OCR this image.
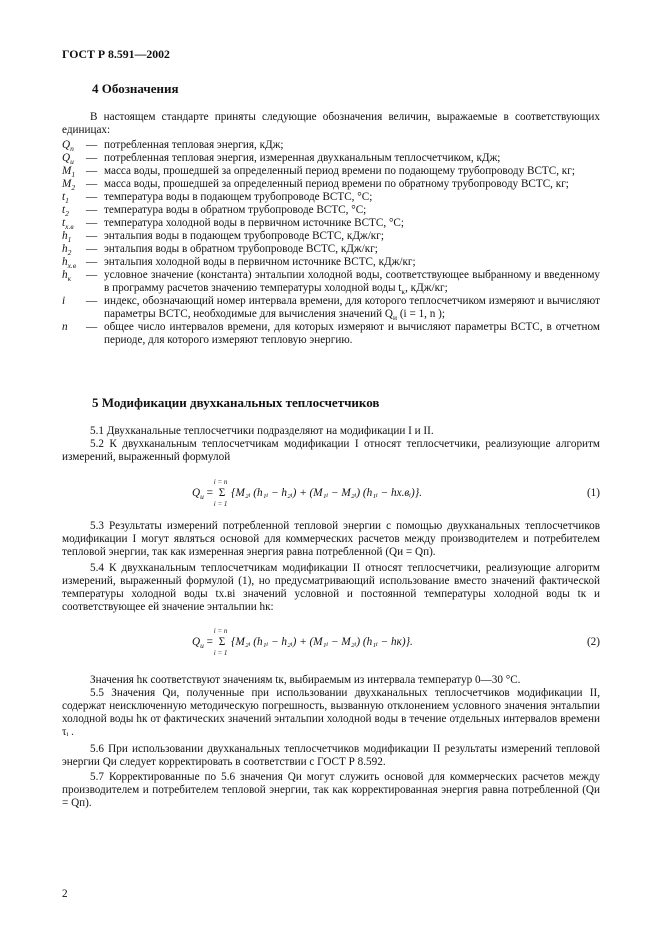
ГОСТ Р 8.591—2002
4 Обозначения

В настоящем стандарте приняты следующие обозначения величин, выражаемые в соответствующих единицах:

$Q_п$	— потребленная тепловая энергия, кДж;
$Q_и$	— потребленная тепловая энергия, измеренная двухканальным теплосчетчиком, кДж;
$M_1$ — масса воды, прошедшей за определенный период времени по подающему трубопроводу ВСТС, кг;
$M_2$ — масса воды, прошедшей за определенный период времени по обратному трубопроводу ВСТС, кг;
$t_1$	— температура воды в подающем трубопроводе ВСТС, °С;
$t_2$	— температура воды в обратном трубопроводе ВСТС, °С;
$t_{х.в}$	— температура холодной воды в первичном источнике ВСТС, °С;
$h_1$	— энтальпия воды в подающем трубопроводе ВСТС, кДж/кг;
$h_2$	— энтальпия воды в обратном трубопроводе ВСТС, кДж/кг;
$h_{х.в}$ — энтальпия холодной воды в первичном источнике ВСТС, кДж/кг;
$h_к$	— условное значение (константа) энтальпии холодной воды, соответствующее выбранному и введенному в программу расчетов значению температуры холодной воды $t_к$, кДж/кг;
i	— индекс, обозначающий номер интервала времени, для которого теплосчетчиком измеряют и вычисляют параметры ВСТС, необходимые для вычисления значений $Q_и$ (i = 1, n );
n	— общее число интервалов времени, для которых измеряют и вычисляют параметры ВСТС, в отчетном периоде, для которого измеряют тепловую энергию.
5 Модификации двухканальных теплосчетчиков

5.1 Двухканальные теплосчетчики подразделяют на модификации I и II.

5.2 К двухканальным теплосчетчикам модификации I относят теплосчетчики, реализующие алгоритм измерений, выраженный формулой

$Q_и$ =
i = n
Σ
i = 1
{M₂ᵢ (h₁ᵢ − h₂ᵢ) + (M₁ᵢ − M₂ᵢ) (h₁ᵢ − hх.вᵢ)}.	(1)

5.3 Результаты измерений потребленной тепловой энергии с помощью двухканальных теплосчетчиков модификации I могут являться основой для коммерческих расчетов между производителем и потребителем тепловой энергии, так как измеренная энергия равна потребленной (Qи = Qп).

5.4 К двухканальным теплосчетчикам модификации II относят теплосчетчики, реализующие алгоритм измерений, выраженный формулой (1), но предусматривающий использование вместо значений фактической температуры холодной воды tх.вi значений условной и постоянной температуры холодной воды tк и соответствующее ей значение энтальпии hк:

$Q_и$ =
i = n
Σ
i = 1
{M₂ᵢ (h₁ᵢ − h₂ᵢ) + (M₁ᵢ − M₂ᵢ) (h₁ᵢ − hк)}.	(2)

Значения hк соответствуют значениям tк, выбираемым из интервала температур 0—30 °С.

5.5 Значения Qи, полученные при использовании двухканальных теплосчетчиков модификации II, содержат неисключенную методическую погрешность, вызванную отклонением условного значения энтальпии холодной воды hк от фактических значений энтальпии холодной воды в течение отдельных интервалов времени τᵢ .

5.6 При использовании двухканальных теплосчетчиков модификации II результаты измерений тепловой энергии Qи следует корректировать в соответствии с ГОСТ Р 8.592.

5.7 Корректированные по 5.6 значения Qи могут служить основой для коммерческих расчетов между производителем и потребителем тепловой энергии, так как корректированная энергия равна потребленной (Qи = Qп).

2
